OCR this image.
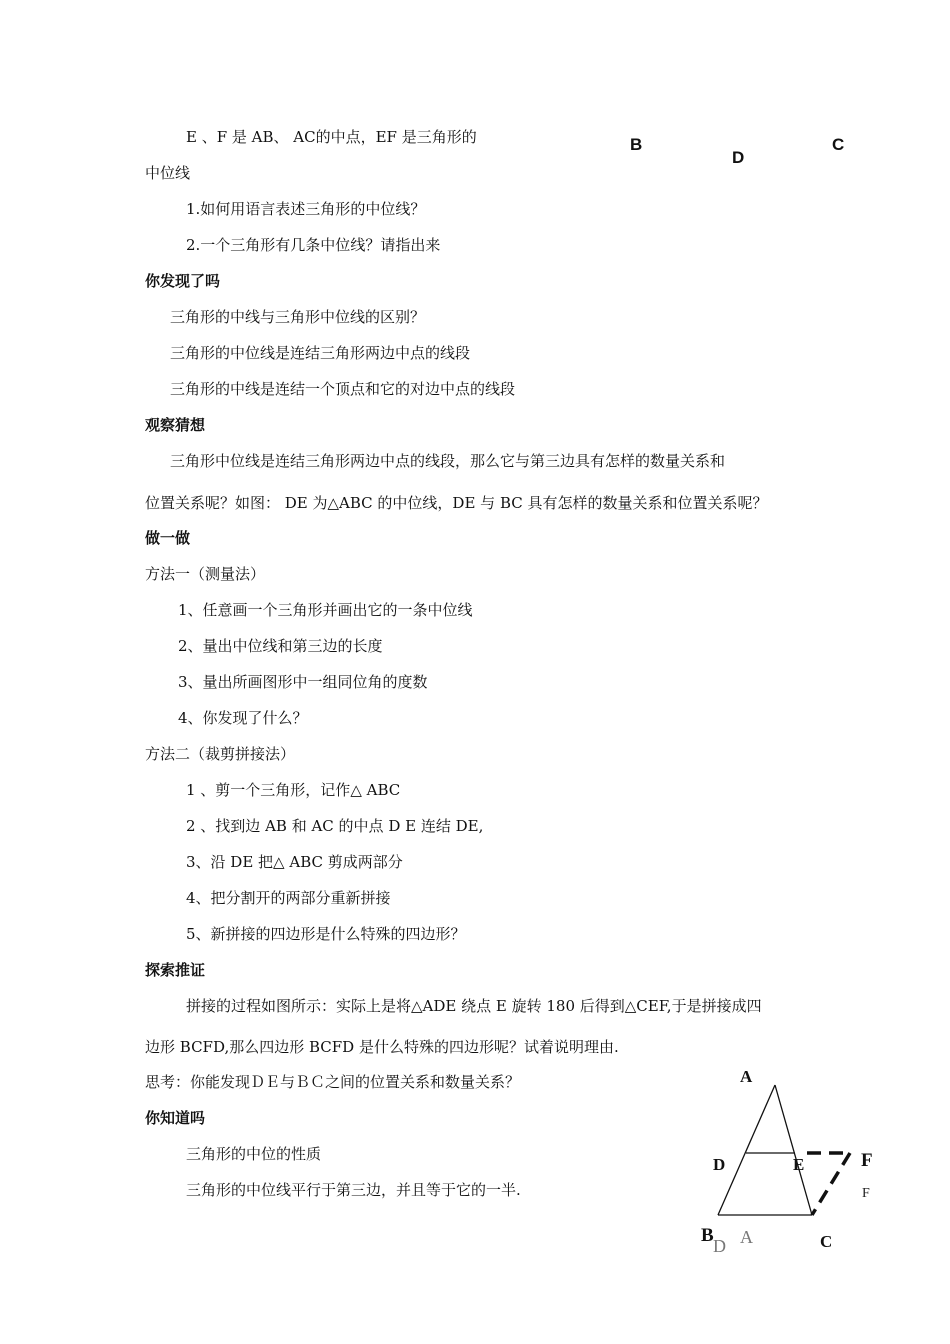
B
D
C
E 、F 是 AB、 AC的中点，EF 是三角形的
中位线
1.如何用语言表述三角形的中位线？
2.一个三角形有几条中位线？请指出来
你发现了吗
三角形的中线与三角形中位线的区别？
三角形的中位线是连结三角形两边中点的线段
三角形的中线是连结一个顶点和它的对边中点的线段
观察猜想
三角形中位线是连结三角形两边中点的线段，那么它与第三边具有怎样的数量关系和
位置关系呢？如图： DE 为△ABC 的中位线，DE 与 BC 具有怎样的数量关系和位置关系呢？
做一做
方法一（测量法）
1、任意画一个三角形并画出它的一条中位线
2、量出中位线和第三边的长度
3、量出所画图形中一组同位角的度数
4、你发现了什么？
方法二（裁剪拼接法）
1 、剪一个三角形，记作△ ABC
2 、找到边 AB 和 AC 的中点 D E 连结 DE,
3、沿 DE 把△ ABC 剪成两部分
4、把分割开的两部分重新拼接
5、新拼接的四边形是什么特殊的四边形？
探索推证
拼接的过程如图所示：实际上是将△ADE 绕点 E 旋转 180 后得到△CEF,于是拼接成四
边形 BCFD,那么四边形 BCFD 是什么特殊的四边形呢？试着说明理由.
思考：你能发现ＤＥ与ＢＣ之间的位置关系和数量关系？
你知道吗
三角形的中位的性质
三角形的中位线平行于第三边，并且等于它的一半.
A
D	E	F
F
B D A	C
